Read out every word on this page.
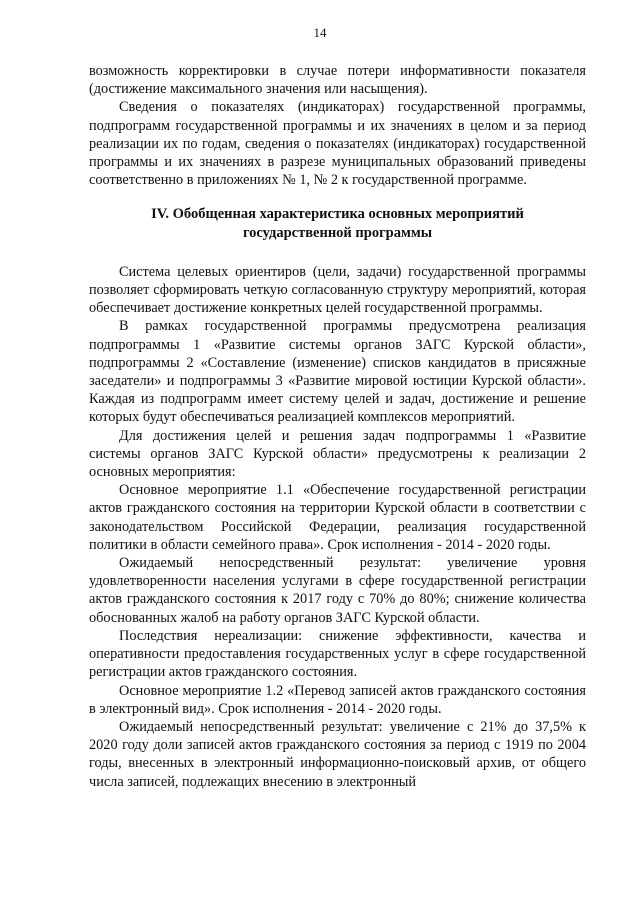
14

возможность корректировки в случае потери информативности показателя (достижение максимального значения или насыщения).

Сведения о показателях (индикаторах) государственной программы, подпрограмм государственной программы и их значениях в целом и за период реализации их по годам, сведения о показателях (индикаторах) государственной программы и их значениях в разрезе муниципальных образований приведены соответственно в приложениях № 1, № 2 к государственной программе.

IV. Обобщенная характеристика основных мероприятий
государственной программы

Система целевых ориентиров (цели, задачи) государственной программы позволяет сформировать четкую согласованную структуру мероприятий, которая обеспечивает достижение конкретных целей государственной программы.

В рамках государственной программы предусмотрена реализация подпрограммы 1 «Развитие системы органов ЗАГС Курской области», подпрограммы 2 «Составление (изменение) списков кандидатов в присяжные заседатели» и подпрограммы 3 «Развитие мировой юстиции Курской области». Каждая из подпрограмм имеет систему целей и задач, достижение и решение которых будут обеспечиваться реализацией комплексов мероприятий.

Для достижения целей и решения задач подпрограммы 1 «Развитие системы органов ЗАГС Курской области» предусмотрены к реализации 2 основных мероприятия:

Основное мероприятие 1.1 «Обеспечение государственной регистрации актов гражданского состояния на территории Курской области в соответствии с законодательством Российской Федерации, реализация государственной политики в области семейного права». Срок исполнения - 2014 - 2020 годы.

Ожидаемый непосредственный результат: увеличение уровня удовлетворенности населения услугами в сфере государственной регистрации актов гражданского состояния к 2017 году с 70% до 80%; снижение количества обоснованных жалоб на работу органов ЗАГС Курской области.

Последствия нереализации: снижение эффективности, качества и оперативности предоставления государственных услуг в сфере государственной регистрации актов гражданского состояния.

Основное мероприятие 1.2 «Перевод записей актов гражданского состояния в электронный вид». Срок исполнения - 2014 - 2020 годы.

Ожидаемый непосредственный результат: увеличение с 21% до 37,5% к 2020 году доли записей актов гражданского состояния за период с 1919 по 2004 годы, внесенных в электронный информационно-поисковый архив, от общего числа записей, подлежащих внесению в электронный
